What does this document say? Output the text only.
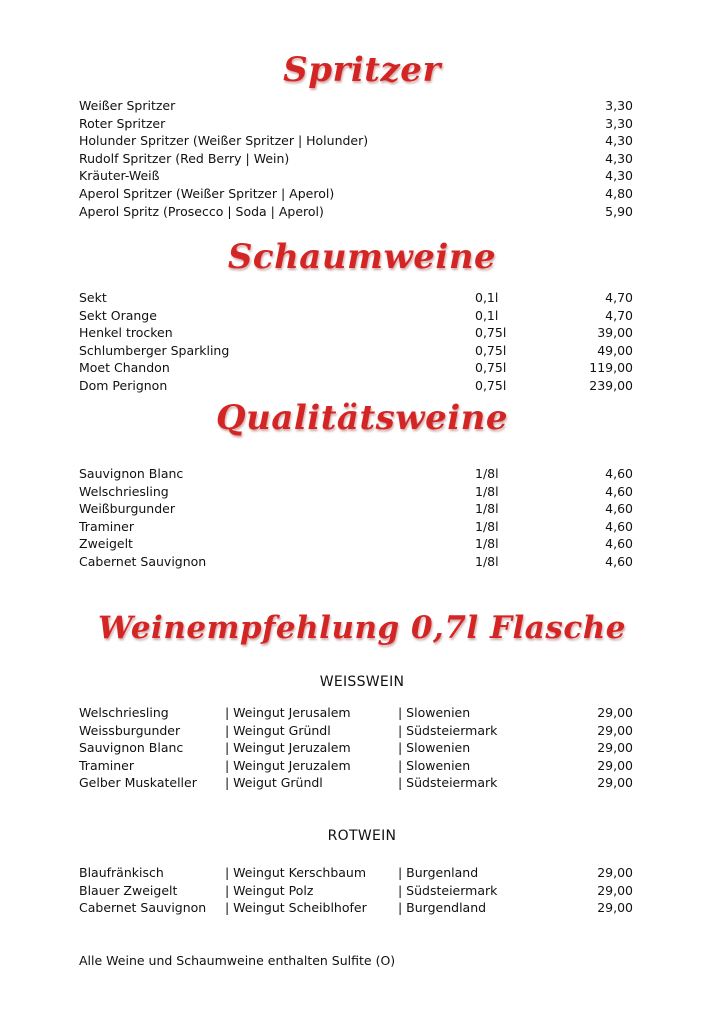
Spritzer
Weißer Spritzer	3,30
Roter Spritzer	3,30
Holunder Spritzer (Weißer Spritzer | Holunder)	4,30
Rudolf Spritzer (Red Berry | Wein)	4,30
Kräuter-Weiß	4,30
Aperol Spritzer (Weißer Spritzer | Aperol)	4,80
Aperol Spritz (Prosecco | Soda | Aperol)	5,90
Schaumweine
Sekt	0,1l	4,70
Sekt Orange	0,1l	4,70
Henkel trocken	0,75l	39,00
Schlumberger Sparkling	0,75l	49,00
Moet Chandon	0,75l	119,00
Dom Perignon	0,75l	239,00
Qualitätsweine
Sauvignon Blanc	1/8l	4,60
Welschriesling	1/8l	4,60
Weißburgunder	1/8l	4,60
Traminer	1/8l	4,60
Zweigelt	1/8l	4,60
Cabernet Sauvignon	1/8l	4,60
Weinempfehlung 0,7l Flasche
WEISSWEIN
Welschriesling	| Weingut Jerusalem	| Slowenien	29,00
Weissburgunder	| Weingut Gründl	| Südsteiermark	29,00
Sauvignon Blanc	| Weingut Jeruzalem	| Slowenien	29,00
Traminer	| Weingut Jeruzalem	| Slowenien	29,00
Gelber Muskateller | Weigut Gründl	| Südsteiermark	29,00
ROTWEIN
Blaufränkisch	| Weingut Kerschbaum	| Burgenland	29,00
Blauer Zweigelt	| Weingut Polz	| Südsteiermark	29,00
Cabernet Sauvignon | Weingut Scheiblhofer	| Burgendland	29,00
Alle Weine und Schaumweine enthalten Sulfite (O)
